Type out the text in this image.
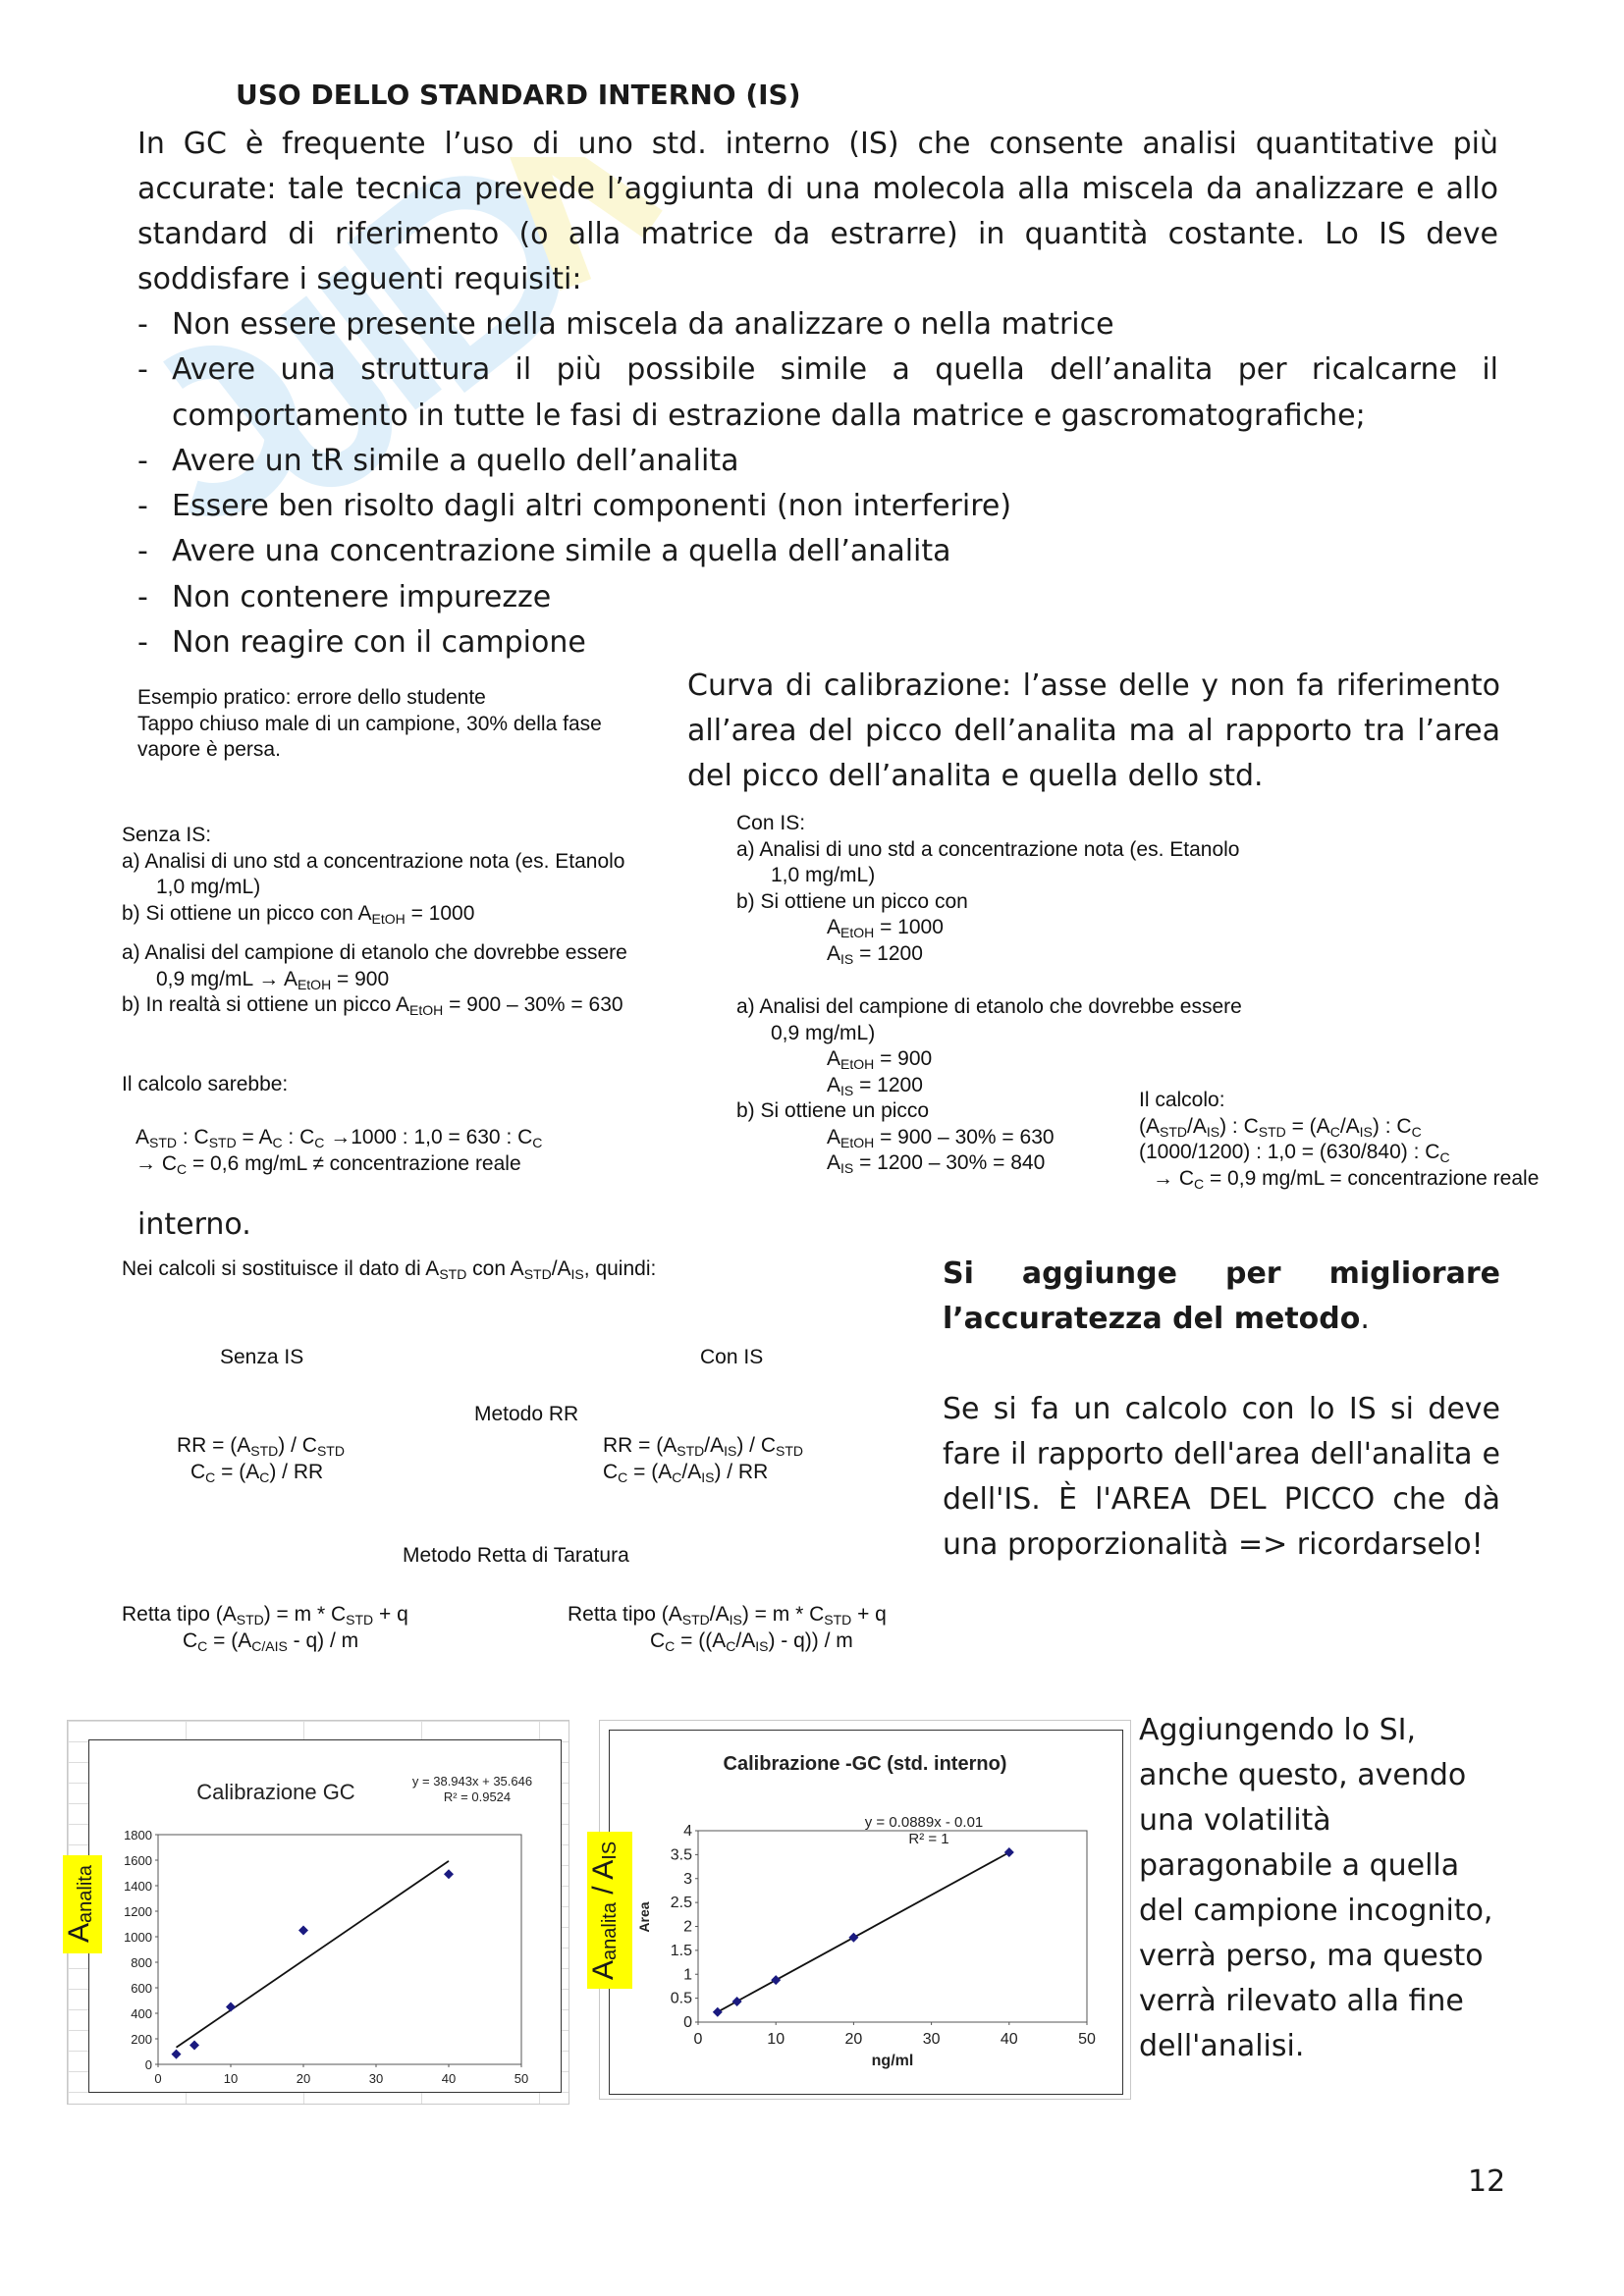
USO DELLO STANDARD INTERNO (IS)
In GC è frequente l’uso di uno std. interno (IS) che consente analisi quantitative più accurate: tale tecnica prevede l’aggiunta di una molecola alla miscela da analizzare e allo standard di riferimento (o alla matrice da estrarre) in quantità costante. Lo IS deve soddisfare i seguenti requisiti:
- Non essere presente nella miscela da analizzare o nella matrice
- Avere una struttura il più possibile simile a quella dell’analita per ricalcarne il comportamento in tutte le fasi di estrazione dalla matrice e gascromatografiche;
- Avere un tR simile a quello dell’analita
- Essere ben risolto dagli altri componenti (non interferire)
- Avere una concentrazione simile a quella dell’analita
- Non contenere impurezze
- Non reagire con il campione

Esempio pratico: errore dello studente

Tappo chiuso male di un campione, 30% della fase

vapore è persa.

Curva di calibrazione: l’asse delle y non fa riferimento all’area del picco dell’analita ma al rapporto tra l’area del picco dell’analita e quella dello std.

Senza IS:

a) Analisi di uno std a concentrazione nota (es. Etanolo

1,0 mg/mL)

b) Si ottiene un picco con $A_{EtOH} = 1000$

a) Analisi del campione di etanolo che dovrebbe essere

0,9 $mg/mL \to A_{EtOH} = 900$

b) In realtà si ottiene un picco $A_{EtOH} = 900 - 30\% = 630$

Il calcolo sarebbe:

$A_{STD}$ : $C_{STD} = A_C$ : $C_C \to 1000$ : 1,0 = 630 : $C_C$

→ $C_C = 0,6$ mg/mL ≠ concentrazione reale

Con IS:

a) Analisi di uno std a concentrazione nota (es. Etanolo

1,0 mg/mL)

b) Si ottiene un picco con

$A_{EtOH} = 1000$

$A_{IS} = 1200$

a) Analisi del campione di etanolo che dovrebbe essere

0,9 mg/mL)

$A_{EtOH} = 900$

$A_{IS} = 1200$

b) Si ottiene un picco

$A_{EtOH} = 900 - 30\% = 630$

$A_{IS} = 1200 - 30\% = 840$

Il calcolo:

$(A_{STD}/A_{IS})$ : $C_{STD} = (A_C/A_{IS})$ : $C_C$

(1000/1200) : 1,0 = (630/840) : $C_C$

→ $C_C = 0,9$ mg/mL = concentrazione reale

interno.

Nei calcoli si sostituisce il dato di $A_{STD}$ con $A_{STD}/A_{IS}$, quindi:

Senza IS	Con IS
Metodo RR

RR = $(A_{STD}) / C_{STD}$

$C_C = (A_C)$ / RR

RR = $(A_{STD}/A_{IS}) / C_{STD}$

$C_C = (A_C/A_{IS})$ / RR

Metodo Retta di Taratura

Retta tipo $(A_{STD}) = m * C_{STD} + q$

$C_C = (A_{C/AIS} - q) / m$

Retta tipo $(A_{STD}/A_{IS}) = m * C_{STD} + q$

$C_C = ((A_C/A_{IS}) - q)) / m$

Si aggiunge per migliorare l’accuratezza del metodo.
Se si fa un calcolo con lo IS si deve fare il rapporto dell'area dell'analita e dell'IS. È l'AREA DEL PICCO che dà una proporzionalità => ricordarselo!
Aggiungendo lo SI, anche questo, avendo una volatilità paragonabile a quella del campione incognito, verrà perso, ma questo verrà rilevato alla fine dell'analisi.
0
200
400
600
800
1000
1200
1400
1600
1800
0	10	20	30	40	50
Calibrazione GC	y = 38.943x + 35.646
R² = 0.9524
$A_{analita}$
0
0.5
1
1.5
2
2.5
3
3.5
4
0	10	20	30	40	50
Calibrazione -GC (std. interno)
y = 0.0889x - 0.01
R² = 1
ng/ml
Area
$A_{analita} / A_{IS}$
12
